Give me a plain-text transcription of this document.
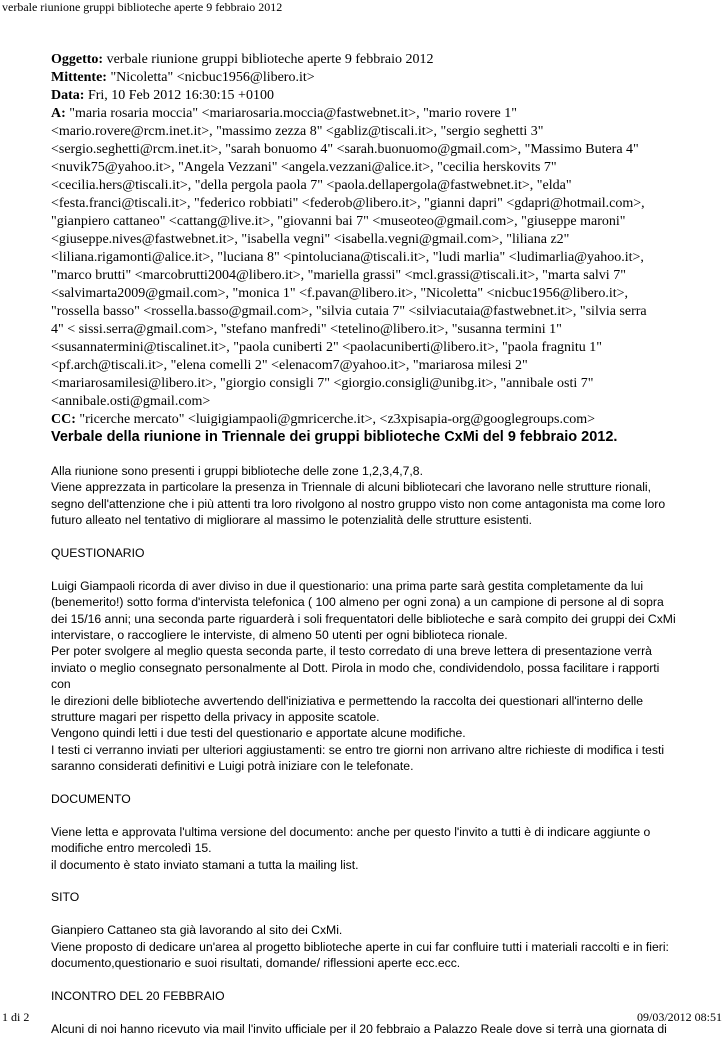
verbale riunione gruppi biblioteche aperte 9 febbraio 2012
Oggetto: verbale riunione gruppi biblioteche aperte 9 febbraio 2012
Mittente: "Nicoletta" <nicbuc1956@libero.it>
Data: Fri, 10 Feb 2012 16:30:15 +0100
A: "maria rosaria moccia" <mariarosaria.moccia@fastwebnet.it>, "mario rovere 1"
<mario.rovere@rcm.inet.it>, "massimo zezza 8" <gabliz@tiscali.it>, "sergio seghetti 3"
<sergio.seghetti@rcm.inet.it>, "sarah bonuomo 4" <sarah.buonuomo@gmail.com>, "Massimo Butera 4"
<nuvik75@yahoo.it>, "Angela Vezzani" <angela.vezzani@alice.it>, "cecilia herskovits 7"
<cecilia.hers@tiscali.it>, "della pergola paola 7" <paola.dellapergola@fastwebnet.it>, "elda"
<festa.franci@tiscali.it>, "federico robbiati" <federob@libero.it>, "gianni dapri" <gdapri@hotmail.com>,
"gianpiero cattaneo" <cattang@live.it>, "giovanni bai 7" <museoteo@gmail.com>, "giuseppe maroni"
<giuseppe.nives@fastwebnet.it>, "isabella vegni" <isabella.vegni@gmail.com>, "liliana z2"
<liliana.rigamonti@alice.it>, "luciana 8" <pintoluciana@tiscali.it>, "ludi marlia" <ludimarlia@yahoo.it>,
"marco brutti" <marcobrutti2004@libero.it>, "mariella grassi" <mcl.grassi@tiscali.it>, "marta salvi 7"
<salvimarta2009@gmail.com>, "monica 1" <f.pavan@libero.it>, "Nicoletta" <nicbuc1956@libero.it>,
"rossella basso" <rossella.basso@gmail.com>, "silvia cutaia 7" <silviacutaia@fastwebnet.it>, "silvia serra
4" < sissi.serra@gmail.com>, "stefano manfredi" <tetelino@libero.it>, "susanna termini 1"
<susannatermini@tiscalinet.it>, "paola cuniberti 2" <paolacuniberti@libero.it>, "paola fragnitu 1"
<pf.arch@tiscali.it>, "elena comelli 2" <elenacom7@yahoo.it>, "mariarosa milesi 2"
<mariarosamilesi@libero.it>, "giorgio consigli 7" <giorgio.consigli@unibg.it>, "annibale osti 7"
<annibale.osti@gmail.com>
CC: "ricerche mercato" <luigigiampaoli@gmricerche.it>, <z3xpisapia-org@googlegroups.com>
Verbale della riunione in Triennale dei gruppi biblioteche CxMi del 9 febbraio 2012.

Alla riunione sono presenti i gruppi biblioteche delle zone 1,2,3,4,7,8.

Viene apprezzata in particolare la presenza in Triennale di alcuni bibliotecari che lavorano nelle strutture rionali,

segno dell'attenzione che i più attenti tra loro rivolgono al nostro gruppo visto non come antagonista ma come loro

futuro alleato nel tentativo di migliorare al massimo le potenzialità delle strutture esistenti.

QUESTIONARIO

Luigi Giampaoli ricorda di aver diviso in due il questionario: una prima parte sarà gestita completamente da lui

(benemerito!) sotto forma d'intervista telefonica ( 100 almeno per ogni zona) a un campione di persone al di sopra

dei 15/16 anni; una seconda parte riguarderà i soli frequentatori delle biblioteche e sarà compito dei gruppi dei CxMi

intervistare, o raccogliere le interviste, di almeno 50 utenti per ogni biblioteca rionale.

Per poter svolgere al meglio questa seconda parte, il testo corredato di una breve lettera di presentazione verrà

inviato o meglio consegnato personalmente al Dott. Pirola in modo che, condividendolo, possa facilitare i rapporti con

le direzioni delle biblioteche avvertendo dell'iniziativa e permettendo la raccolta dei questionari all'interno delle

strutture magari per rispetto della privacy in apposite scatole.

Vengono quindi letti i due testi del questionario e apportate alcune modifiche.

I testi ci verranno inviati per ulteriori aggiustamenti: se entro tre giorni non arrivano altre richieste di modifica i testi

saranno considerati definitivi e Luigi potrà iniziare con le telefonate.

DOCUMENTO

Viene letta e approvata l'ultima versione del documento: anche per questo l'invito a tutti è di indicare aggiunte o

modifiche entro mercoledì 15.

il documento è stato inviato stamani a tutta la mailing list.

SITO

Gianpiero Cattaneo sta già lavorando al sito dei CxMi.

Viene proposto di dedicare un'area al progetto biblioteche aperte in cui far confluire tutti i materiali raccolti e in fieri:

documento,questionario e suoi risultati, domande/ riflessioni aperte ecc.ecc.

INCONTRO DEL 20 FEBBRAIO

Alcuni di noi hanno ricevuto via mail l'invito ufficiale per il 20 febbraio a Palazzo Reale dove si terrà una giornata di

1 di 2	09/03/2012 08:51
